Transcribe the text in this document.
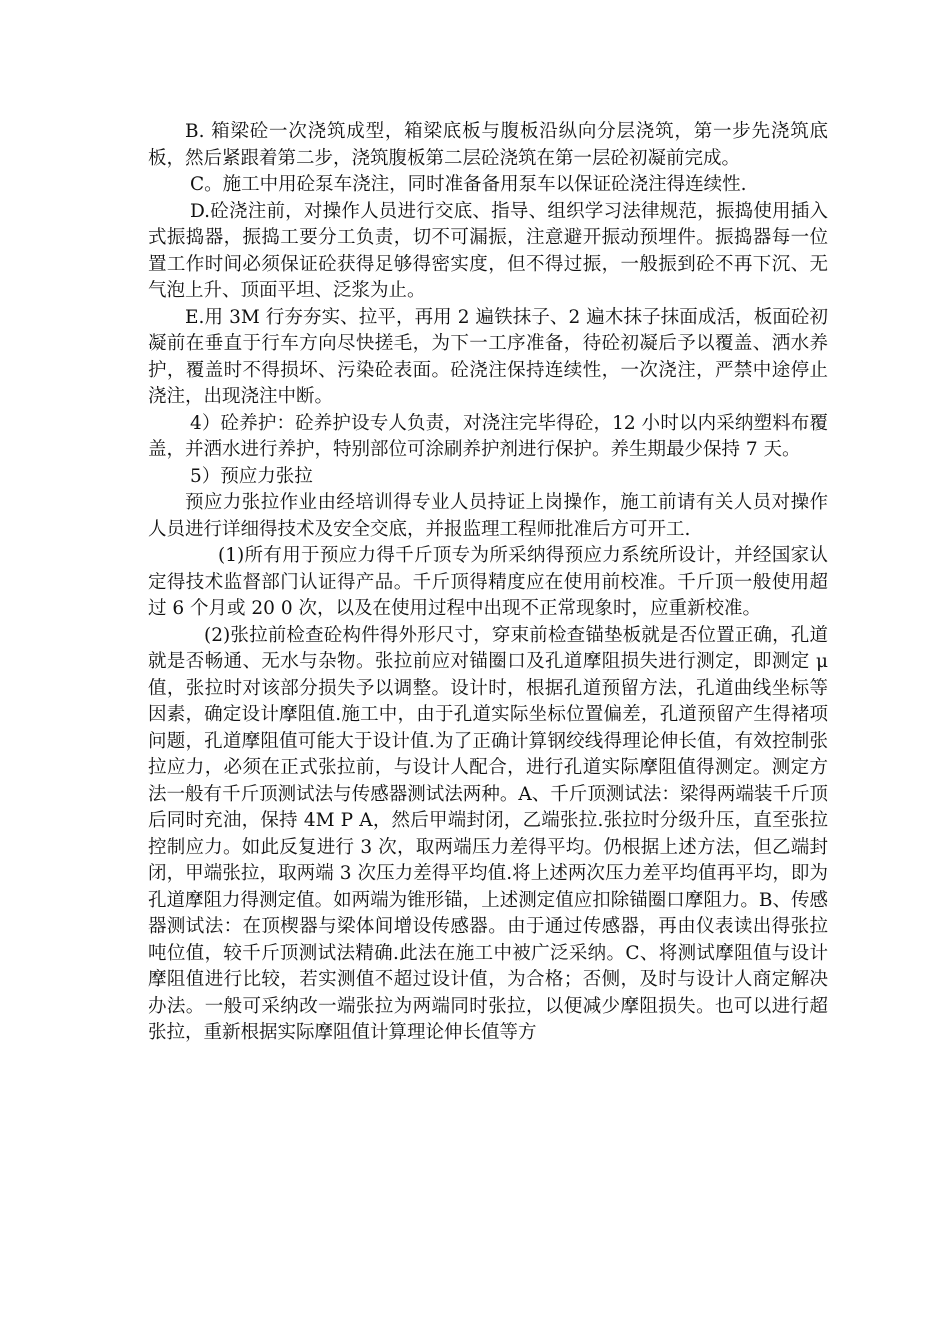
B. 箱梁砼一次浇筑成型，箱梁底板与腹板沿纵向分层浇筑，第一步先浇筑底板，然后紧跟着第二步，浇筑腹板第二层砼浇筑在第一层砼初凝前完成。

C。施工中用砼泵车浇注，同时准备备用泵车以保证砼浇注得连续性.

D.砼浇注前，对操作人员进行交底、指导、组织学习法律规范，振捣使用插入式振捣器，振捣工要分工负责，切不可漏振，注意避开振动预埋件。振捣器每一位置工作时间必须保证砼获得足够得密实度，但不得过振，一般振到砼不再下沉、无气泡上升、顶面平坦、泛浆为止。

E.用 3M 行夯夯实、拉平，再用 2 遍铁抹子、2 遍木抹子抹面成活，板面砼初凝前在垂直于行车方向尽快搓毛，为下一工序准备，待砼初凝后予以覆盖、洒水养护，覆盖时不得损坏、污染砼表面。砼浇注保持连续性，一次浇注，严禁中途停止浇注，出现浇注中断。

4）砼养护：砼养护设专人负责，对浇注完毕得砼，12 小时以内采纳塑料布覆盖，并洒水进行养护，特别部位可涂刷养护剂进行保护。养生期最少保持 7 天。

5）预应力张拉

预应力张拉作业由经培训得专业人员持证上岗操作，施工前请有关人员对操作人员进行详细得技术及安全交底，并报监理工程师批准后方可开工.

(1)所有用于预应力得千斤顶专为所采纳得预应力系统所设计，并经国家认定得技术监督部门认证得产品。千斤顶得精度应在使用前校准。千斤顶一般使用超过 6 个月或 20 0 次，以及在使用过程中出现不正常现象时，应重新校准。

(2)张拉前检查砼构件得外形尺寸，穿束前检查锚垫板就是否位置正确，孔道就是否畅通、无水与杂物。张拉前应对锚圈口及孔道摩阻损失进行测定，即测定 μ 值，张拉时对该部分损失予以调整。设计时，根据孔道预留方法，孔道曲线坐标等因素，确定设计摩阻值.施工中，由于孔道实际坐标位置偏差，孔道预留产生得褚项问题，孔道摩阻值可能大于设计值.为了正确计算钢绞线得理论伸长值，有效控制张拉应力，必须在正式张拉前，与设计人配合，进行孔道实际摩阻值得测定。测定方法一般有千斤顶测试法与传感器测试法两种。A、千斤顶测试法：梁得两端装千斤顶后同时充油，保持 4M P A，然后甲端封闭，乙端张拉.张拉时分级升压，直至张拉控制应力。如此反复进行 3 次，取两端压力差得平均。仍根据上述方法，但乙端封闭，甲端张拉，取两端 3 次压力差得平均值.将上述两次压力差平均值再平均，即为孔道摩阻力得测定值。如两端为锥形锚，上述测定值应扣除锚圈口摩阻力。B、传感器测试法：在顶楔器与梁体间增设传感器。由于通过传感器，再由仪表读出得张拉吨位值，较千斤顶测试法精确.此法在施工中被广泛采纳。C、将测试摩阻值与设计摩阻值进行比较，若实测值不超过设计值，为合格；否侧，及时与设计人商定解决办法。一般可采纳改一端张拉为两端同时张拉，以便减少摩阻损失。也可以进行超张拉，重新根据实际摩阻值计算理论伸长值等方
